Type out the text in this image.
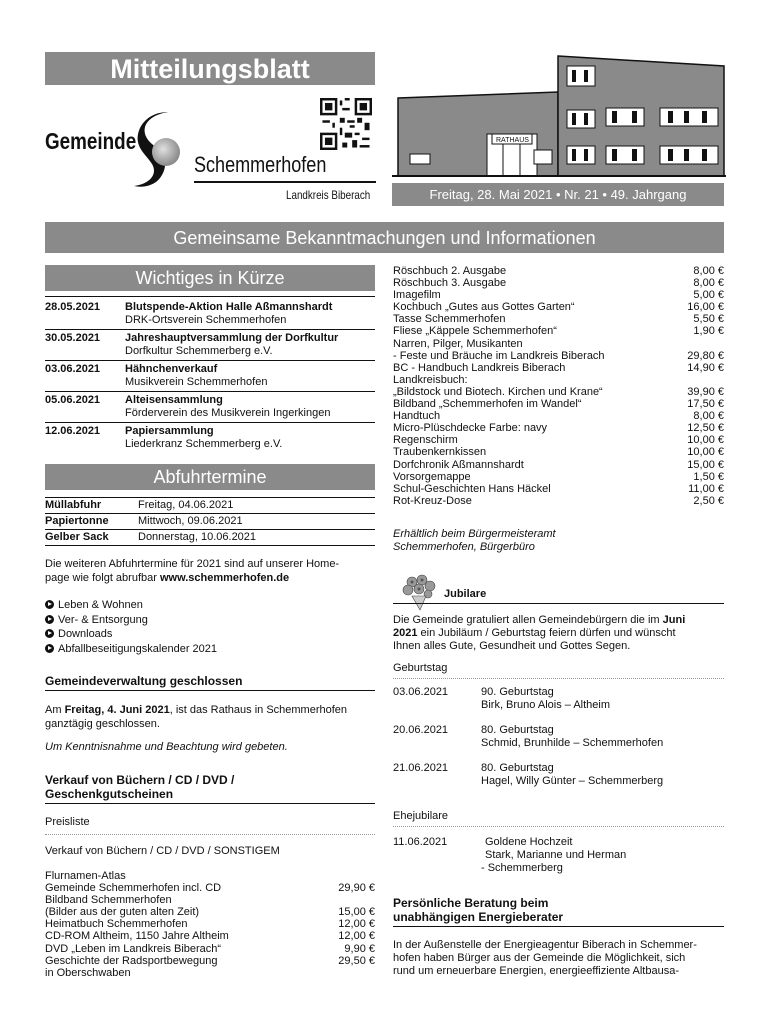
Mitteilungsblatt
Gemeinde
Schemmerhofen
Landkreis Biberach
RATHAUS
Freitag, 28. Mai 2021 • Nr. 21 • 49. Jahrgang
Gemeinsame Bekanntmachungen und Informationen
Wichtiges in Kürze
28.05.2021	Blutspende-Aktion Halle Aßmannshardt
DRK-Ortsverein Schemmerhofen
30.05.2021	Jahreshauptversammlung der Dorfkultur
Dorfkultur Schemmerberg e.V.
03.06.2021	Hähnchenverkauf
Musikverein Schemmerhofen
05.06.2021	Alteisensammlung
Förderverein des Musikverein Ingerkingen
12.06.2021	Papiersammlung
Liederkranz Schemmerberg e.V.
Abfuhrtermine
Müllabfuhr	Freitag, 04.06.2021
Papiertonne	Mittwoch, 09.06.2021
Gelber Sack	Donnerstag, 10.06.2021
Die weiteren Abfuhrtermine für 2021 sind auf unserer Home-
page wie folgt abrufbar www.schemmerhofen.de
Leben & Wohnen
Ver- & Entsorgung
Downloads
Abfallbeseitigungskalender 2021
Gemeindeverwaltung geschlossen
Am Freitag, 4. Juni 2021, ist das Rathaus in Schemmerhofen
ganztägig geschlossen.
Um Kenntnisnahme und Beachtung wird gebeten.
Verkauf von Büchern / CD / DVD /
Geschenkgutscheinen
Preisliste
Verkauf von Büchern / CD / DVD / SONSTIGEM
Flurnamen-Atlas
Gemeinde Schemmerhofen incl. CD	29,90 €
Bildband Schemmerhofen
(Bilder aus der guten alten Zeit)	15,00 €
Heimatbuch Schemmerhofen	12,00 €
CD-ROM Altheim, 1150 Jahre Altheim	12,00 €
DVD „Leben im Landkreis Biberach“	9,90 €
Geschichte der Radsportbewegung	29,50 €
in Oberschwaben
Röschbuch 2. Ausgabe	8,00 €
Röschbuch 3. Ausgabe	8,00 €
Imagefilm	5,00 €
Kochbuch „Gutes aus Gottes Garten“	16,00 €
Tasse Schemmerhofen	5,50 €
Fliese „Käppele Schemmerhofen“	1,90 €
Narren, Pilger, Musikanten
- Feste und Bräuche im Landkreis Biberach	29,80 €
BC - Handbuch Landkreis Biberach	14,90 €
Landkreisbuch:
„Bildstock und Biotech. Kirchen und Krane“	39,90 €
Bildband „Schemmerhofen im Wandel“	17,50 €
Handtuch	8,00 €
Micro-Plüschdecke Farbe: navy	12,50 €
Regenschirm	10,00 €
Traubenkernkissen	10,00 €
Dorfchronik Aßmannshardt	15,00 €
Vorsorgemappe	1,50 €
Schul-Geschichten Hans Häckel	11,00 €
Rot-Kreuz-Dose	2,50 €
Erhältlich beim Bürgermeisteramt
Schemmerhofen, Bürgerbüro
Jubilare
Die Gemeinde gratuliert allen Gemeindebürgern die im Juni
2021 ein Jubiläum / Geburtstag feiern dürfen und wünscht
Ihnen alles Gute, Gesundheit und Gottes Segen.
Geburtstag
03.06.2021	90. Geburtstag
Birk, Bruno Alois – Altheim
20.06.2021	80. Geburtstag
Schmid, Brunhilde – Schemmerhofen
21.06.2021	80. Geburtstag
Hagel, Willy Günter – Schemmerberg
Ehejubilare
11.06.2021	Goldene Hochzeit
Stark, Marianne und Herman
- Schemmerberg
Persönliche Beratung beim
unabhängigen Energieberater
In der Außenstelle der Energieagentur Biberach in Schemmer-
hofen haben Bürger aus der Gemeinde die Möglichkeit, sich
rund um erneuerbare Energien, energieeffiziente Altbausa-
